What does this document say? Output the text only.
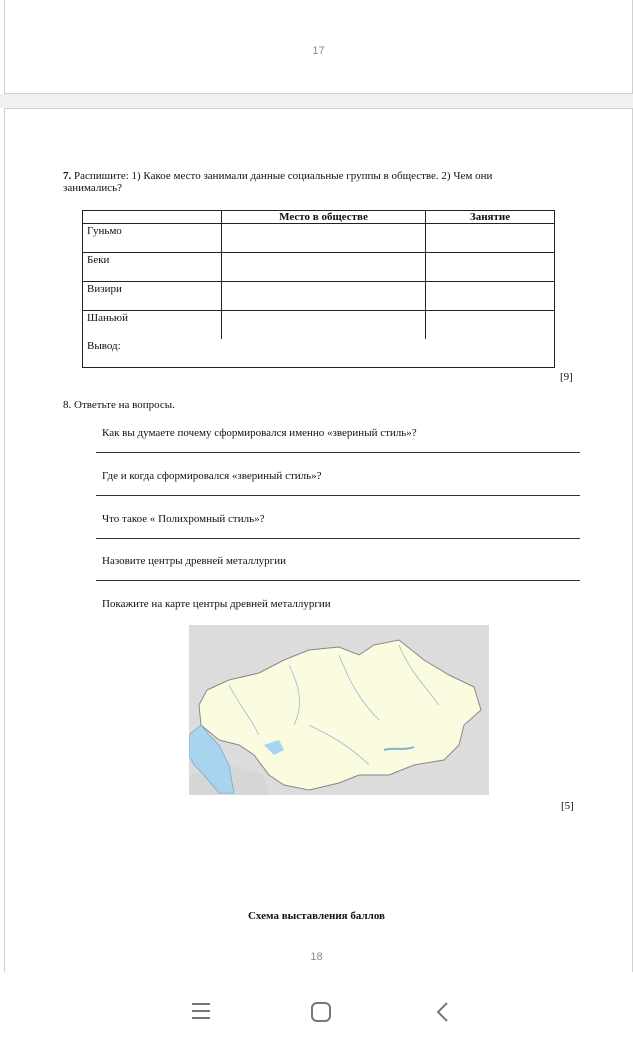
17
7. Распишите: 1) Какое место занимали данные социальные группы в обществе. 2) Чем они
занимались?
	Место в обществе	Занятие
Гуньмо		
Беки		
Визири		
Шаньюй		
Вывод:		
[9]
8. Ответьте на вопросы.
Как вы думаете почему сформировался именно «звериный стиль»?
Где и когда сформировался «звериный стиль»?
Что такое « Полихромный стиль»?
Назовите центры древней металлургии
Покажите на карте центры древней металлургии
[5]
Схема выставления баллов
18
